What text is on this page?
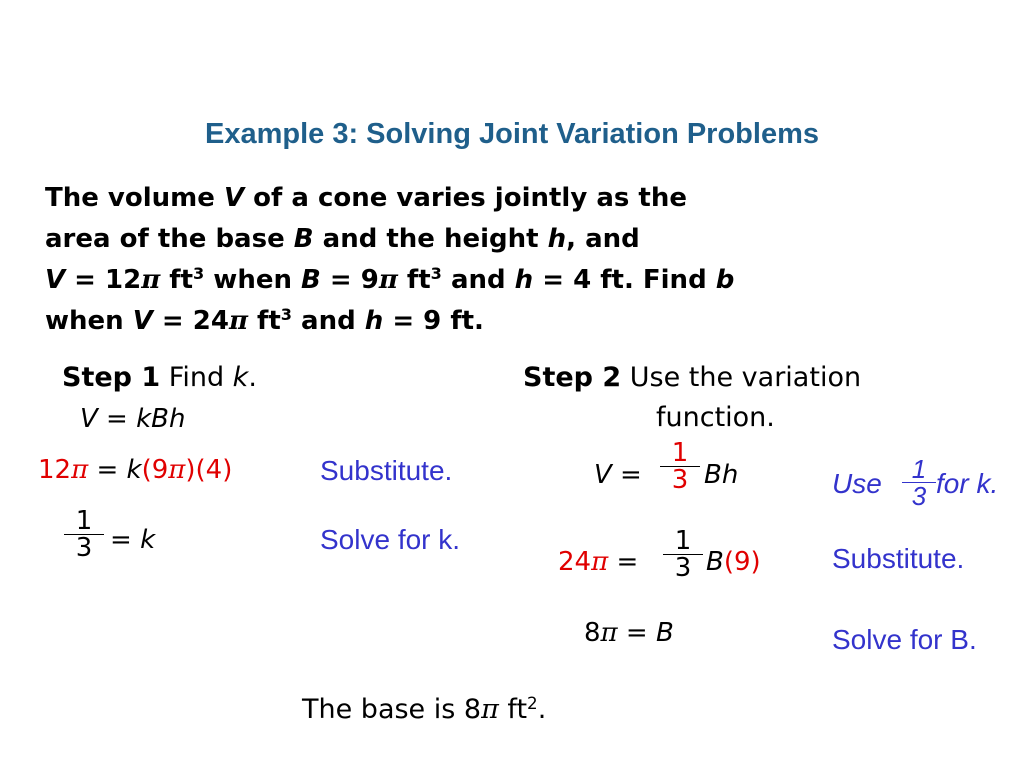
Example 3: Solving Joint Variation Problems
The volume V of a cone varies jointly as the
area of the base B and the height h, and
V = 12π $ft^3$ when B = 9π $ft^3$ and h = 4 ft. Find b
when V = 24π $ft^3$ and h = 9 ft.
Step 1 Find k.
V = kBh
12π = k(9π)(4)	Substitute.
1
3 = k	Solve for k.
Step 2 Use the variation
function.
V =
1
3 Bh	Use	1
3 for k.
24π =
1
3 B(9)	Substitute.
8π = B	Solve for B.
The base is 8π $ft^2$.
